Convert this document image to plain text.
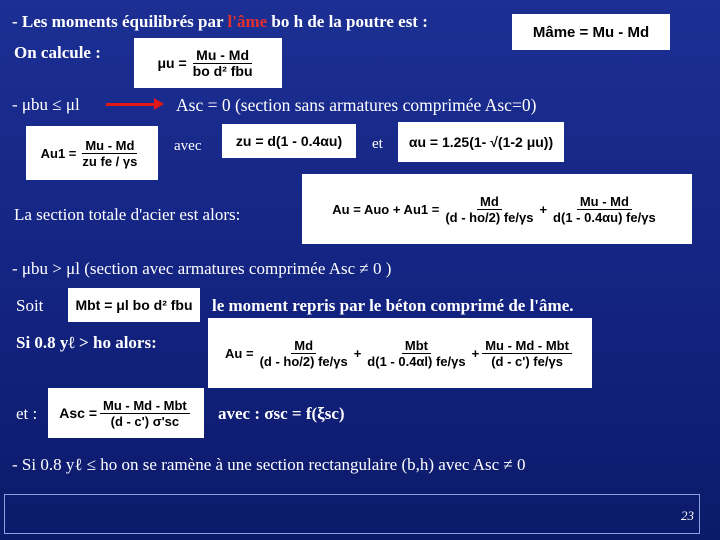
- Les moments équilibrés par l'âme bo h de la poutre est :
Mâme = Mu - Md
On calcule :
$\mu u = \frac{Mu - Md}{\text{bo d² fbu}}$
- μbu ≤ μl	Asc = 0 (section sans armatures comprimée Asc=0)
$Au1 = \frac{Mu - Md}{\text{zu fe / γs}}$ avec zu = d(1 - 0.4αu) et αu = 1.25(1- √(1-2 μu))
La section totale d'acier est alors:	Au = Auo + $Au1 = \frac{Md}{(d - ho/2) fe/\gamma s} + \frac{Mu - Md}{d(1 - 0.4\alpha u) fe/\gamma s}$
- μbu > μl (section avec armatures comprimée Asc ≠ 0 )
Soit Mbt = μl bo d² fbu le moment repris par le béton comprimé de l'âme.
Si 0.8 yℓ > ho alors:
$Au = \frac{Md}{(d - ho/2) fe/\gamma s} + \frac{\text{Mbt}}{d(1 - 0.4\alpha l) fe/\gamma s} + \frac{\text{Mu - Md - Mbt}}{(d - c') fe/\gamma s}$
et : Asc = $\frac{\text{Mu - Md - Mbt}}{(d - c') \sigma'sc}$ avec : σsc = f(ξsc)
- Si 0.8 yℓ ≤ ho on se ramène à une section rectangulaire (b,h) avec Asc ≠ 0
23
